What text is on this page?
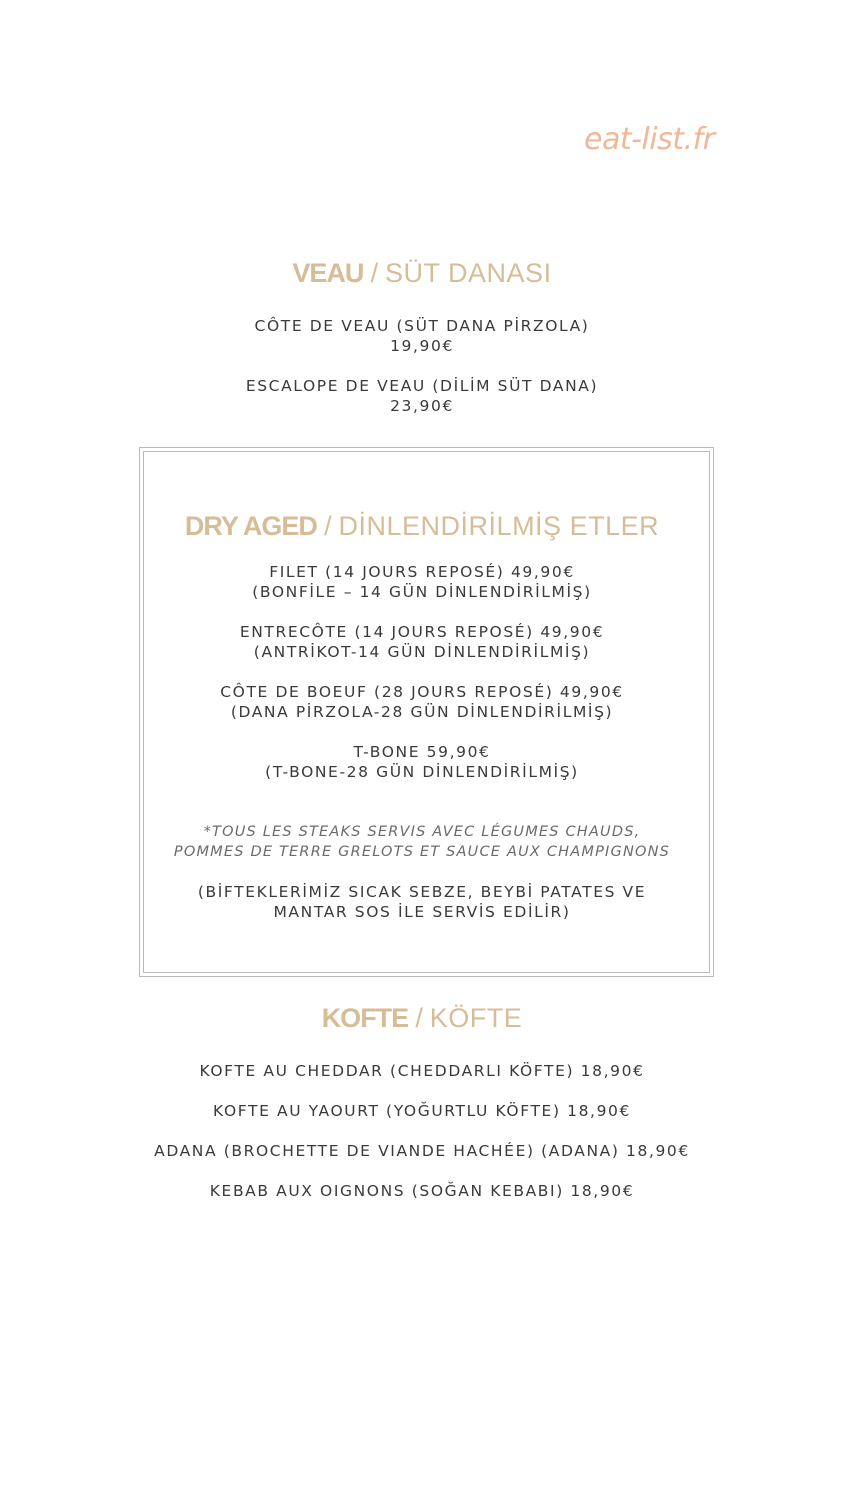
eat-list.fr
VEAU / SÜT DANASI
CÔTE DE VEAU (SÜT DANA PİRZOLA)
19,90€
ESCALOPE DE VEAU (DİLİM SÜT DANA)
23,90€
DRY AGED / DİNLENDİRİLMİŞ ETLER
FILET (14 JOURS REPOSÉ) 49,90€
(BONFİLE – 14 GÜN DİNLENDİRİLMİŞ)
ENTRECÔTE (14 JOURS REPOSÉ) 49,90€
(ANTRİKOT-14 GÜN DİNLENDİRİLMİŞ)
CÔTE DE BOEUF (28 JOURS REPOSÉ) 49,90€
(DANA PİRZOLA-28 GÜN DİNLENDİRİLMİŞ)
T-BONE 59,90€
(T-BONE-28 GÜN DİNLENDİRİLMİŞ)
*TOUS LES STEAKS SERVIS AVEC LÉGUMES CHAUDS,
POMMES DE TERRE GRELOTS ET SAUCE AUX CHAMPIGNONS
(BİFTEKLERİMİZ SICAK SEBZE, BEYBİ PATATES VE
MANTAR SOS İLE SERVİS EDİLİR)
KOFTE / KÖFTE
KOFTE AU CHEDDAR (CHEDDARLI KÖFTE) 18,90€
KOFTE AU YAOURT (YOĞURTLU KÖFTE) 18,90€
ADANA (BROCHETTE DE VIANDE HACHÉE) (ADANA) 18,90€
KEBAB AUX OIGNONS (SOĞAN KEBABI) 18,90€
